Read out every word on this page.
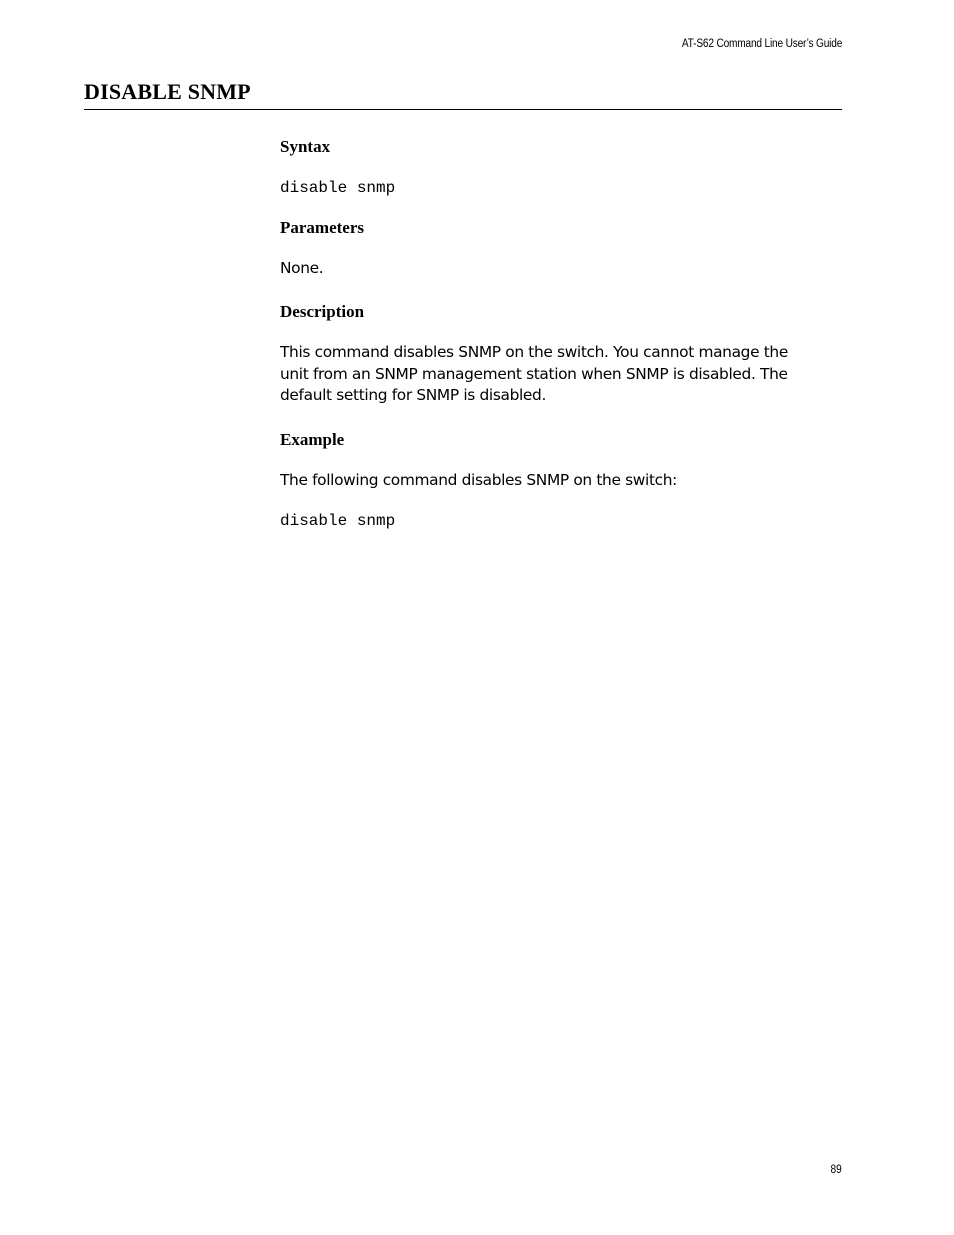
AT-S62 Command Line User’s Guide
DISABLE SNMP
Syntax
disable snmp
Parameters

None.

Description

This command disables SNMP on the switch. You cannot manage the
unit from an SNMP management station when SNMP is disabled. The
default setting for SNMP is disabled.

Example

The following command disables SNMP on the switch:

disable snmp
89
